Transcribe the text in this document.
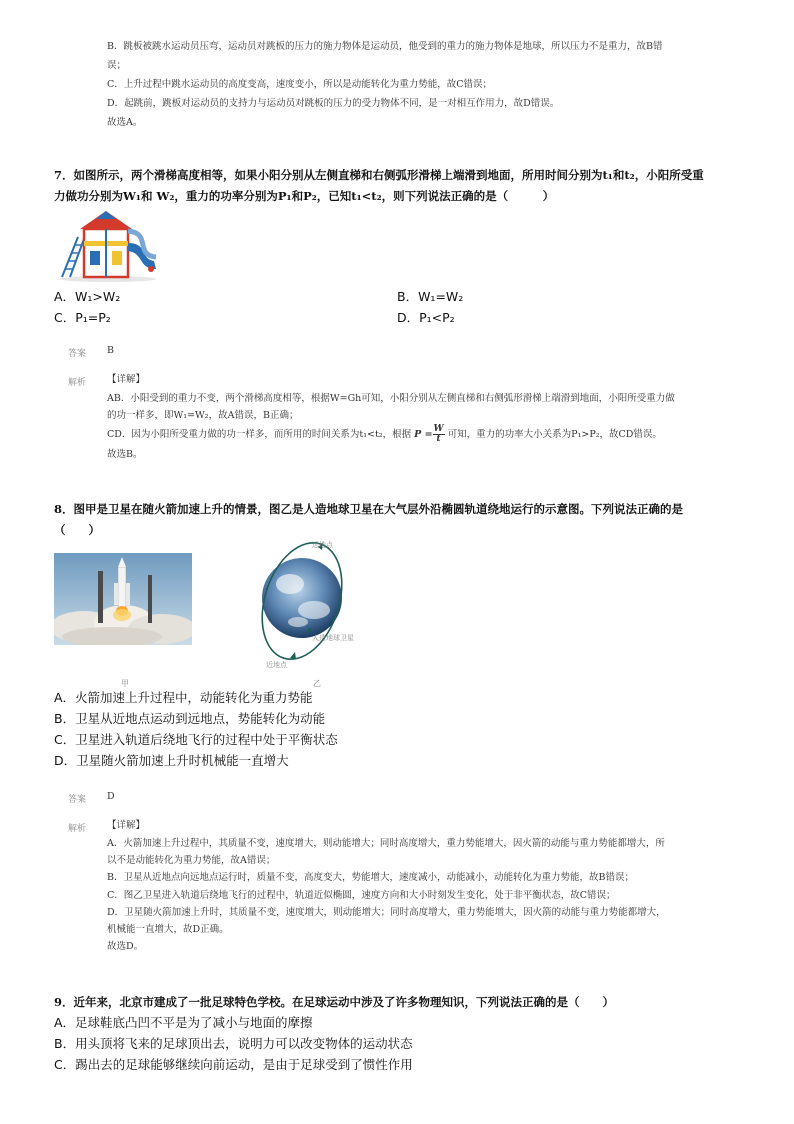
B．跳板被跳水运动员压弯，运动员对跳板的压力的施力物体是运动员，他受到的重力的施力物体是地球，所以压力不是重力，故B错
误；
C．上升过程中跳水运动员的高度变高，速度变小，所以是动能转化为重力势能，故C错误；
D．起跳前，跳板对运动员的支持力与运动员对跳板的压力的受力物体不同，是一对相互作用力，故D错误。
故选A。
7．如图所示，两个滑梯高度相等，如果小阳分别从左侧直梯和右侧弧形滑梯上端滑到地面，所用时间分别为t₁和t₂，小阳所受重
力做功分别为W₁和 W₂，重力的功率分别为P₁和P₂，已知t₁<t₂，则下列说法正确的是（　　　）
A．W₁>W₂	B．W₁=W₂
C．P₁=P₂	D．P₁<P₂
答案 B
解析 【详解】
AB．小阳受到的重力不变，两个滑梯高度相等，根据W=Gh可知，小阳分别从左侧直梯和右侧弧形滑梯上端滑到地面，小阳所受重力做
的功一样多，即W₁=W₂，故A错误，B正确；
CD．因为小阳所受重力做的功一样多，而所用的时间关系为t₁<t₂，根据 $P = \frac{W}{t}$ 可知，重力的功率大小关系为P₁>P₂，故CD错误。
故选B。
8．图甲是卫星在随火箭加速上升的情景，图乙是人造地球卫星在大气层外沿椭圆轨道绕地运行的示意图。下列说法正确的是
（　　）
甲
远地点
近地点
人造地球卫星
乙
A．火箭加速上升过程中，动能转化为重力势能
B．卫星从近地点运动到远地点，势能转化为动能
C．卫星进入轨道后绕地飞行的过程中处于平衡状态
D．卫星随火箭加速上升时机械能一直增大
答案 D
解析 【详解】
A．火箭加速上升过程中，其质量不变，速度增大，则动能增大；同时高度增大，重力势能增大，因火箭的动能与重力势能都增大，所
以不是动能转化为重力势能，故A错误；
B．卫星从近地点向远地点运行时，质量不变，高度变大，势能增大，速度减小，动能减小，动能转化为重力势能，故B错误；
C．图乙卫星进入轨道后绕地飞行的过程中，轨道近似椭圆，速度方向和大小时刻发生变化，处于非平衡状态，故C错误；
D．卫星随火箭加速上升时，其质量不变，速度增大，则动能增大；同时高度增大，重力势能增大，因火箭的动能与重力势能都增大，
机械能一直增大，故D正确。
故选D。
9．近年来，北京市建成了一批足球特色学校。在足球运动中涉及了许多物理知识，下列说法正确的是（　　）
A．足球鞋底凸凹不平是为了减小与地面的摩擦
B．用头顶将飞来的足球顶出去，说明力可以改变物体的运动状态
C．踢出去的足球能够继续向前运动，是由于足球受到了惯性作用
